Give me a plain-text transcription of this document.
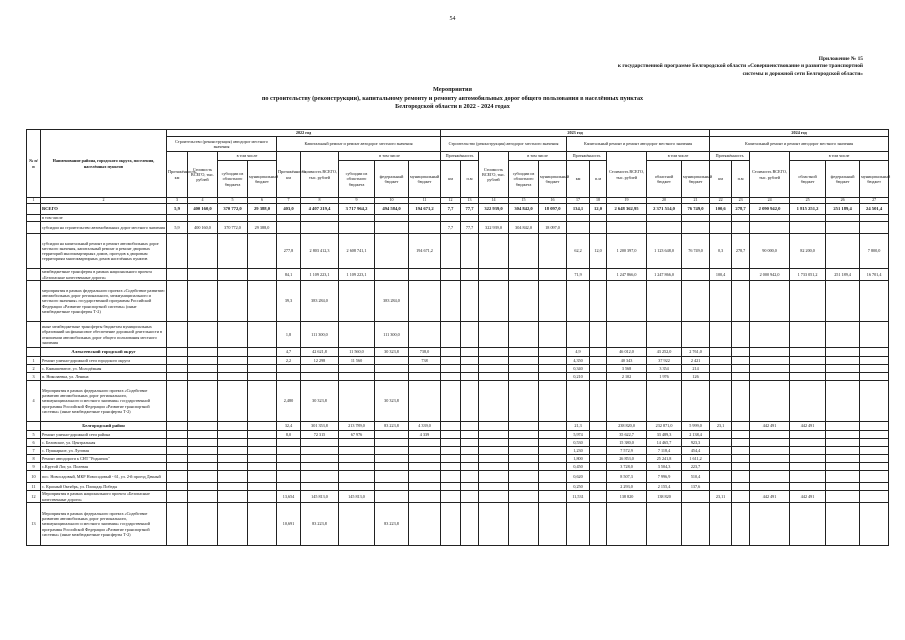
54
Приложение № 15
к государственной программе Белгородской области «Совершенствование и развитие транспортной
системы и дорожной сети Белгородской области»
Мероприятия
по строительству (реконструкции), капитальному ремонту и ремонту автомобильных дорог общего пользования в населённых пунктах
Белгородской области в 2022 - 2024 годах
№ п/п	Наименование района, городского округа, поселения, населённых пунктов	2022 год									2023 год										2024 год					
		Строительство (реконструкция) автодорог местного значения				Капитальный ремонт и ремонт автодорог местного значения					Строительство (реконструкция) автодорог местного значения					Капитальный ремонт и ремонт автодорог местного значения					Капитальный ремонт и ремонт автодорог местного значения					
		Протяжённость, км	Стоимость ВСЕГО, тыс. рублей	в том числе		Протяжённость, км	Стоимость ВСЕГО, тыс. рублей	в том числе			Протяжённость		Стоимость ВСЕГО, тыс. рублей	в том числе		Протяжённость		Стоимость ВСЕГО, тыс. рублей	в том числе		Протяжённость		Стоимость ВСЕГО, тыс. рублей	в том числе		
				субсидии из областного бюджета	муниципальный бюджет			субсидии из областного бюджета	федеральный бюджет	муниципальный бюджет	км	п.м		субсидии из областного бюджета	муниципальный бюджет	км	п.м		областной бюджет	муниципальный бюджет	км	п.м		областной бюджет	федеральный бюджет	муниципальный бюджет
1	2	3	4	5	6	7	8	9	10	11	12	13	14	15	16	17	18	19	20	21	22	23	24	25	26	27
	ВСЕГО	5,9	400 160,0	370 772,0	29 388,0	403,0	4 407 219,4	3 717 964,2	494 584,0	194 671,2	7,7	77,7	322 939,0	304 842,0	18 097,0	134,1	12,0	2 648 362,95	2 371 514,0	76 749,0	100,6	278,7	2 090 942,0	1 815 251,2	251 189,4	24 501,4
	в том числе																									
	субсидии на строительство автомобильных дорог местного значения	5,9	400 160,0	370 772,0	29 388,0						7,7	77,7	322 939,0	304 842,0	18 097,0											
	субсидии на капитальный ремонт и ремонт автомобильных дорог местного значения, капитальный ремонт и ремонт дворовых территорий многоквартирных домов, проездов к дворовым территориям многоквартирных домов населённых пунктов					277,8	2 803 412,3	2 608 741,1		194 671,2						62,2	12,0	1 200 397,0	1 123 648,0	76 749,0	0,3	278,7	90 000,0	82 200,0		7 800,0
	межбюджетные трансферты в рамках национального проекта «Безопасные качественные дороги»					84,1	1 109 223,1	1 109 223,1								71,9		1 247 866,0	1 247 866,0		100,4		2 000 942,0	1 733 051,2	251 189,4	16 701,4
	мероприятия в рамках федерального проекта «Содействие развитию автомобильных дорог регионального, межмуниципального и местного значения» государственной программы Российской Федерации «Развитие транспортной системы» (иные межбюджетные трансферты Т-2)					39,3	383 284,0		383 284,0																	
	иные межбюджетные трансферты бюджетам муниципальных образований на финансовое обеспечение дорожной деятельности в отношении автомобильных дорог общего пользования местного значения					1,8	111 300,0		111 300,0																	
	Алексеевский городской округ					4,7	42 621,8	11 560,0	30 323,8	738,0						4,9		46 012,0	43 252,0	2 761,0						
1	Ремонт улично-дорожной сети городского округа					2,2	12 298	11 560		738						4,350		40 343	37 922	2 421						
2	с. Камышеватое, ул. Молодёжная															0,340		3 568	3 354	214						
3	п. Николаевка, ул. Ленина															0,210		2 102	1 976	126						
4	Мероприятия в рамках федерального проекта «Содействие развитию автомобильных дорог регионального, межмуниципального и местного значения» государственной программы Российской Федерации «Развитие транспортной системы» (иные межбюджетные трансферты Т-2)					2,480	30 323,8		30 323,8																	
	Белгородский район					32,4	301 353,8	213 789,0	83 223,8	4 339,0						21,3		238 820,0	232 871,0	5 999,0	23,1		442 491	442 491		
5	Ремонт улично-дорожной сети района					8,0	72 315	67 976		4 339						5,974		35 622,7	33 489,3	2 138,4						
6	с. Беловское, ул. Центральная															0,530		15 380,0	14 465,7	923,3						
7	с. Пушкарное, ул. Луговая															1,230		7 572,9	7 118,4	454,4						
8	Ремонт автодороги к СНТ "Родничок"															1,800		26 853,0	25 241,8	1 611,2						
9	с.Крутой Лог, ул. Полевая															0,450		3 728,0	3 504,3	223,7						
10	пос. Новосадовый, МКР Новосадовый - 61, ул. 2-й проезд Дачный															0,620		8 507,3	7 996,9	510,4						
11	с. Красный Октябрь, ул. Площадь Победы															0,250		2 293,0	2 155,4	137,6						
12	Мероприятия в рамках национального проекта «Безопасные качественные дороги»					13,654	145 813,0	145 813,0								11,531		138 820	138 820		23,11		442 491	442 491		
13	Мероприятия в рамках федерального проекта «Содействие развитию автомобильных дорог регионального, межмуниципального и местного значения» государственной программы Российской Федерации «Развитие транспортной системы» (иные межбюджетные трансферты Т-2)					10,691	83 223,8		83 223,8																	
